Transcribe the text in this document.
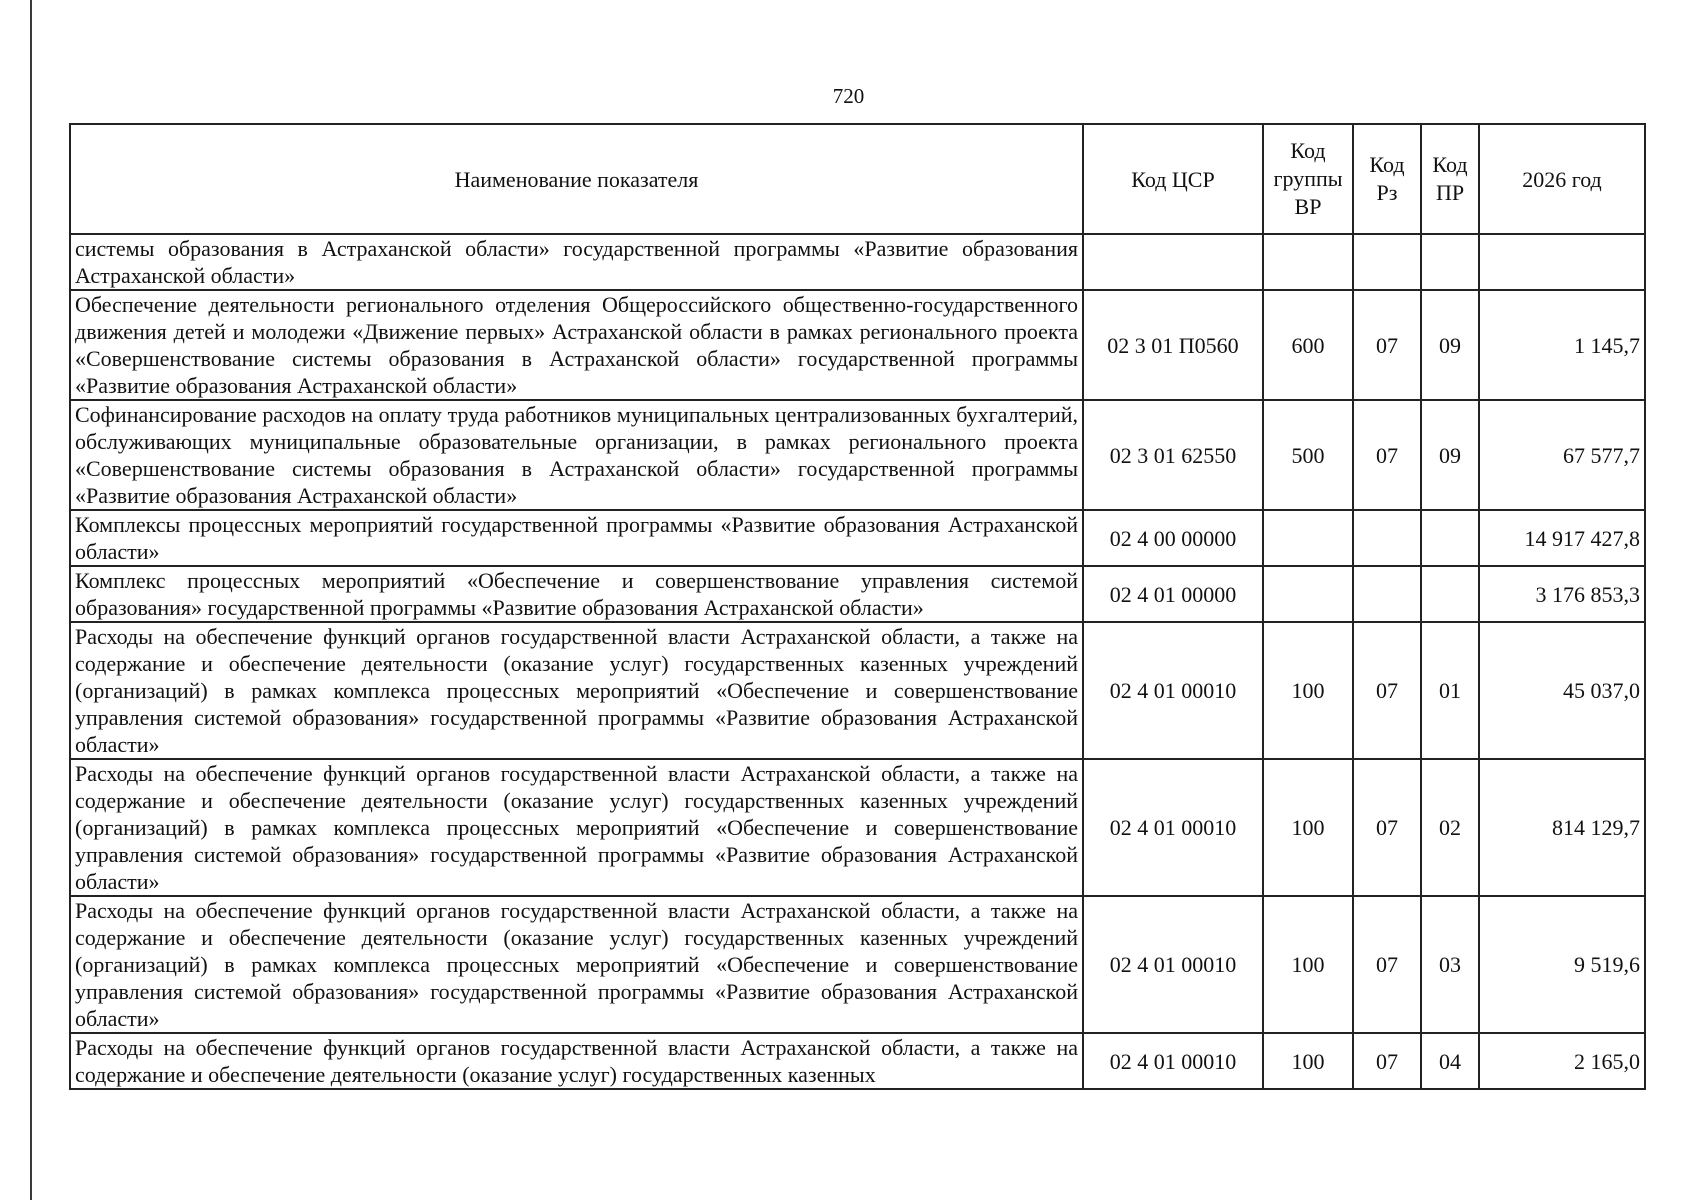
720
Наименование показателя	Код ЦСР	Код группы ВР	Код Рз	Код ПР	2026 год
системы образования в Астраханской области» государственной программы «Развитие образования Астраханской области»					
Обеспечение деятельности регионального отделения Общероссийского общественно-государственного движения детей и молодежи «Движение первых» Астраханской области в рамках регионального проекта «Совершенствование системы образования в Астраханской области» государственной программы «Развитие образования Астраханской области»	02 3 01 П0560	600	07	09	1 145,7
Софинансирование расходов на оплату труда работников муниципальных централизованных бухгалтерий, обслуживающих муниципальные образовательные организации, в рамках регионального проекта «Совершенствование системы образования в Астраханской области» государственной программы «Развитие образования Астраханской области»	02 3 01 62550	500	07	09	67 577,7
Комплексы процессных мероприятий государственной программы «Развитие образования Астраханской области»	02 4 00 00000				14 917 427,8
Комплекс процессных мероприятий «Обеспечение и совершенствование управления системой образования» государственной программы «Развитие образования Астраханской области»	02 4 01 00000				3 176 853,3
Расходы на обеспечение функций органов государственной власти Астраханской области, а также на содержание и обеспечение деятельности (оказание услуг) государственных казенных учреждений (организаций) в рамках комплекса процессных мероприятий «Обеспечение и совершенствование управления системой образования» государственной программы «Развитие образования Астраханской области»	02 4 01 00010	100	07	01	45 037,0
Расходы на обеспечение функций органов государственной власти Астраханской области, а также на содержание и обеспечение деятельности (оказание услуг) государственных казенных учреждений (организаций) в рамках комплекса процессных мероприятий «Обеспечение и совершенствование управления системой образования» государственной программы «Развитие образования Астраханской области»	02 4 01 00010	100	07	02	814 129,7
Расходы на обеспечение функций органов государственной власти Астраханской области, а также на содержание и обеспечение деятельности (оказание услуг) государственных казенных учреждений (организаций) в рамках комплекса процессных мероприятий «Обеспечение и совершенствование управления системой образования» государственной программы «Развитие образования Астраханской области»	02 4 01 00010	100	07	03	9 519,6
Расходы на обеспечение функций органов государственной власти Астраханской области, а также на содержание и обеспечение деятельности (оказание услуг) государственных казенных	02 4 01 00010	100	07	04	2 165,0
